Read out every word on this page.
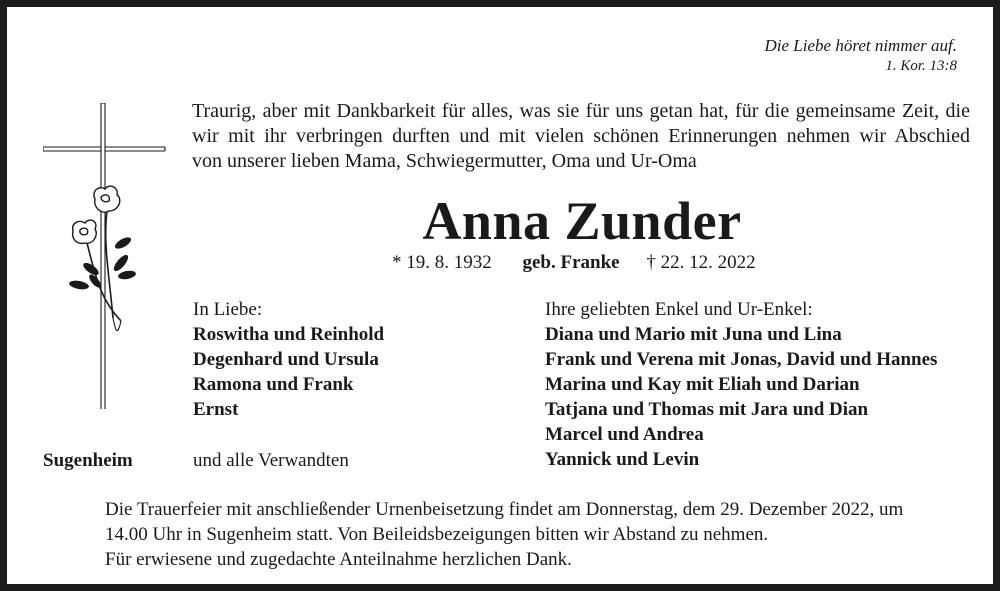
Die Liebe höret nimmer auf.
1. Kor. 13:8
Traurig, aber mit Dankbarkeit für alles, was sie für uns getan hat, für die gemeinsame Zeit, die
wir mit ihr verbringen durften und mit vielen schönen Erinnerungen nehmen wir Abschied
von unserer lieben Mama, Schwiegermutter, Oma und Ur-Oma
Anna Zunder
* 19. 8. 1932 geb. Franke † 22. 12. 2022
In Liebe:
Roswitha und Reinhold
Degenhard und Ursula
Ramona und Frank
Ernst
Ihre geliebten Enkel und Ur-Enkel:
Diana und Mario mit Juna und Lina
Frank und Verena mit Jonas, David und Hannes
Marina und Kay mit Eliah und Darian
Tatjana und Thomas mit Jara und Dian
Marcel und Andrea
Yannick und Levin
Sugenheim	und alle Verwandten
Die Trauerfeier mit anschließender Urnenbeisetzung findet am Donnerstag, dem 29. Dezember 2022, um
14.00 Uhr in Sugenheim statt. Von Beileidsbezeigungen bitten wir Abstand zu nehmen.
Für erwiesene und zugedachte Anteilnahme herzlichen Dank.
